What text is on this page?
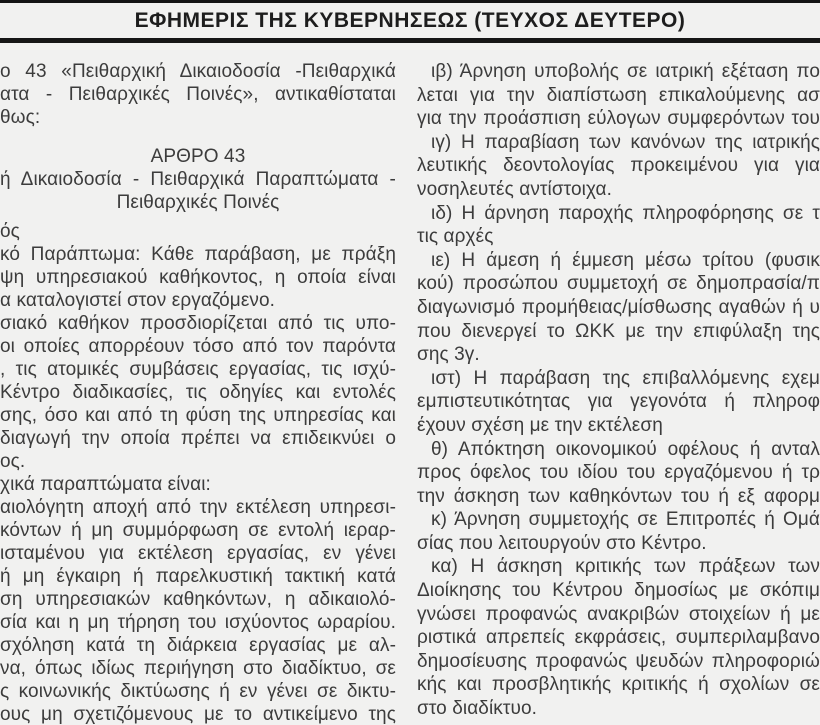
ΕΦΗΜΕΡΙΣ ΤΗΣ ΚΥΒΕΡΝΗΣΕΩΣ (ΤΕΥΧΟΣ ΔΕΥΤΕΡΟ)
ο 43 «Πειθαρχική Δικαιοδοσία -Πειθαρχικά
ατα - Πειθαρχικές Ποινές», αντικαθίσταται
θως:
ΑΡΘΡΟ 43
ή Δικαιοδοσία - Πειθαρχικά Παραπτώματα -
Πειθαρχικές Ποινές
ός
κό Παράπτωμα: Κάθε παράβαση, με πράξη
ψη υπηρεσιακού καθήκοντος, η οποία είναι
α καταλογιστεί στον εργαζόμενο.
σιακό καθήκον προσδιορίζεται από τις υπο-
οι οποίες απορρέουν τόσο από τον παρόντα
, τις ατομικές συμβάσεις εργασίας, τις ισχύ-
Κέντρο διαδικασίες, τις οδηγίες και εντολές
σης, όσο και από τη φύση της υπηρεσίας και
διαγωγή την οποία πρέπει να επιδεικνύει ο
ος.
χικά παραπτώματα είναι:
αιολόγητη αποχή από την εκτέλεση υπηρεσι-
κόντων ή μη συμμόρφωση σε εντολή ιεραρ-
ισταμένου για εκτέλεση εργασίας, εν γένει
ή μη έγκαιρη ή παρελκυστική τακτική κατά
ση υπηρεσιακών καθηκόντων, η αδικαιολό-
σία και η μη τήρηση του ισχύοντος ωραρίου.
σχόληση κατά τη διάρκεια εργασίας με αλ-
να, όπως ιδίως περιήγηση στο διαδίκτυο, σε
ς κοινωνικής δικτύωσης ή εν γένει σε δικτυ-
ους μη σχετιζόμενους με το αντικείμενο της
ιβ) Άρνηση υποβολής σε ιατρική εξέταση πο
λεται για την διαπίστωση επικαλούμενης ασ
για την προάσπιση εύλογων συμφερόντων του
ιγ) Η παραβίαση των κανόνων της ιατρικής
λευτικής δεοντολογίας προκειμένου για για
νοσηλευτές αντίστοιχα.
ιδ) Η άρνηση παροχής πληροφόρησης σε τ
τις αρχές
ιε) Η άμεση ή έμμεση μέσω τρίτου (φυσικ
κού) προσώπου συμμετοχή σε δημοπρασία/π
διαγωνισμό προμήθειας/μίσθωσης αγαθών ή υ
που διενεργεί το ΩΚΚ με την επιφύλαξη της
σης 3γ.
ιστ) Η παράβαση της επιβαλλόμενης εχεμ
εμπιστευτικότητας για γεγονότα ή πληροφ
έχουν σχέση με την εκτέλεση
θ) Απόκτηση οικονομικού οφέλους ή ανταλ
προς όφελος του ιδίου του εργαζόμενου ή τρ
την άσκηση των καθηκόντων του ή εξ αφορμ
κ) Άρνηση συμμετοχής σε Επιτροπές ή Ομά
σίας που λειτουργούν στο Κέντρο.
κα) Η άσκηση κριτικής των πράξεων των
Διοίκησης του Κέντρου δημοσίως με σκόπιμ
γνώσει προφανώς ανακριβών στοιχείων ή με
ριστικά απρεπείς εκφράσεις, συμπεριλαμβανο
δημοσίευσης προφανώς ψευδών πληροφοριώ
κής και προσβλητικής κριτικής ή σχολίων σε
στο διαδίκτυο.
